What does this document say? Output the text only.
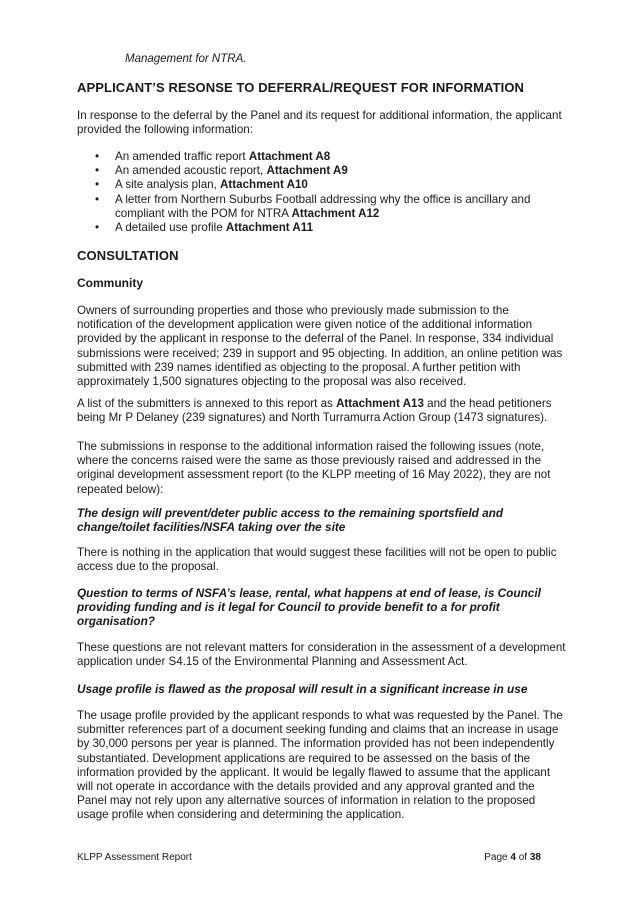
Management for NTRA.
APPLICANT’S RESONSE TO DEFERRAL/REQUEST FOR INFORMATION
In response to the deferral by the Panel and its request for additional information, the applicant provided the following information:
• An amended traffic report Attachment A8
• An amended acoustic report, Attachment A9
• A site analysis plan, Attachment A10
• A letter from Northern Suburbs Football addressing why the office is ancillary and compliant with the POM for NTRA Attachment A12
• A detailed use profile Attachment A11
CONSULTATION
Community
Owners of surrounding properties and those who previously made submission to the notification of the development application were given notice of the additional information provided by the applicant in response to the deferral of the Panel. In response, 334 individual submissions were received; 239 in support and 95 objecting. In addition, an online petition was submitted with 239 names identified as objecting to the proposal. A further petition with approximately 1,500 signatures objecting to the proposal was also received.
A list of the submitters is annexed to this report as Attachment A13 and the head petitioners being Mr P Delaney (239 signatures) and North Turramurra Action Group (1473 signatures).
The submissions in response to the additional information raised the following issues (note, where the concerns raised were the same as those previously raised and addressed in the original development assessment report (to the KLPP meeting of 16 May 2022), they are not repeated below):
The design will prevent/deter public access to the remaining sportsfield and change/toilet facilities/NSFA taking over the site
There is nothing in the application that would suggest these facilities will not be open to public access due to the proposal.
Question to terms of NSFA’s lease, rental, what happens at end of lease, is Council providing funding and is it legal for Council to provide benefit to a for profit organisation?
These questions are not relevant matters for consideration in the assessment of a development application under S4.15 of the Environmental Planning and Assessment Act.
Usage profile is flawed as the proposal will result in a significant increase in use
The usage profile provided by the applicant responds to what was requested by the Panel. The submitter references part of a document seeking funding and claims that an increase in usage by 30,000 persons per year is planned. The information provided has not been independently substantiated. Development applications are required to be assessed on the basis of the information provided by the applicant. It would be legally flawed to assume that the applicant will not operate in accordance with the details provided and any approval granted and the Panel may not rely upon any alternative sources of information in relation to the proposed usage profile when considering and determining the application.
KLPP Assessment Report	Page 4 of 38
